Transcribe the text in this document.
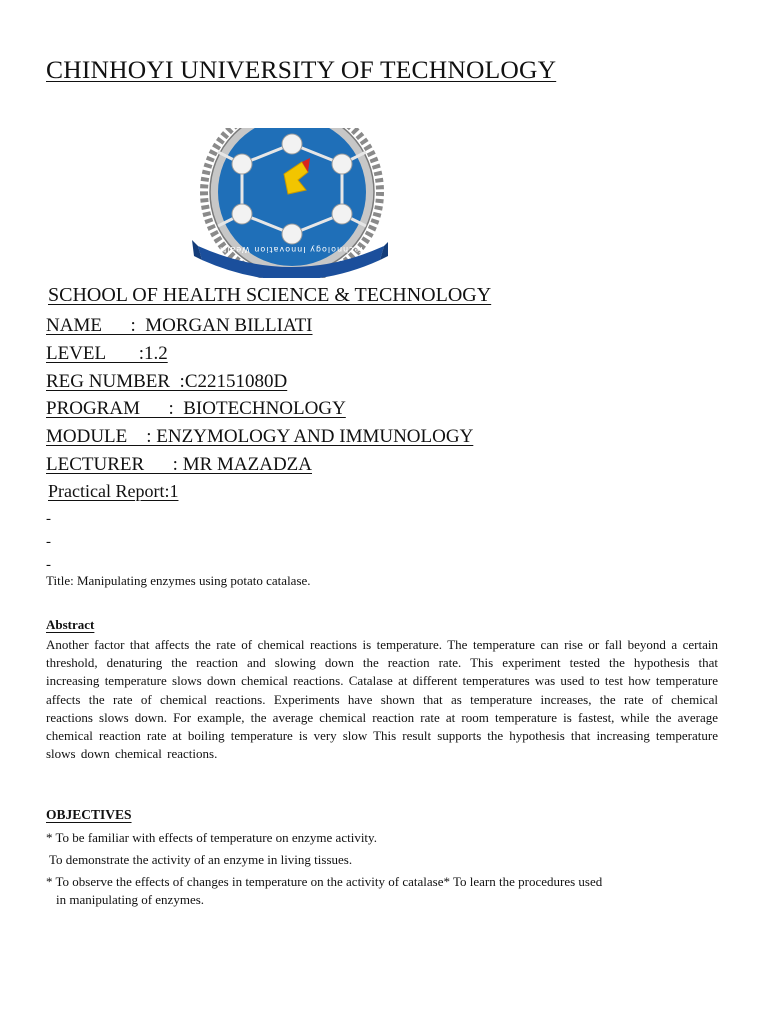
CHINHOYI UNIVERSITY OF TECHNOLOGY
Technology Innovation Wealth
SCHOOL OF HEALTH SCIENCE & TECHNOLOGY
NAME      :  MORGAN BILLIATI
LEVEL       :1.2
REG NUMBER  :C22151080D
PROGRAM      :  BIOTECHNOLOGY
MODULE    : ENZYMOLOGY AND IMMUNOLOGY
LECTURER      : MR MAZADZA
Practical Report:1
-
-
-
Title: Manipulating enzymes using potato catalase.
Abstract
Another factor that affects the rate of chemical reactions is temperature. The temperature can rise or fall beyond a certain threshold, denaturing the reaction and slowing down the reaction rate. This experiment tested the hypothesis that increasing temperature slows down chemical reactions. Catalase at different temperatures was used to test how temperature affects the rate of chemical reactions. Experiments have shown that as temperature increases, the rate of chemical reactions slows down. For example, the average chemical reaction rate at room temperature is fastest, while the average chemical reaction rate at boiling temperature is very slow This result supports the hypothesis that increasing temperature slows down chemical reactions.
OBJECTIVES
* To be familiar with effects of temperature on enzyme activity.
To demonstrate the activity of an enzyme in living tissues.
* To observe the effects of changes in temperature on the activity of catalase* To learn the procedures used
in manipulating of enzymes.
